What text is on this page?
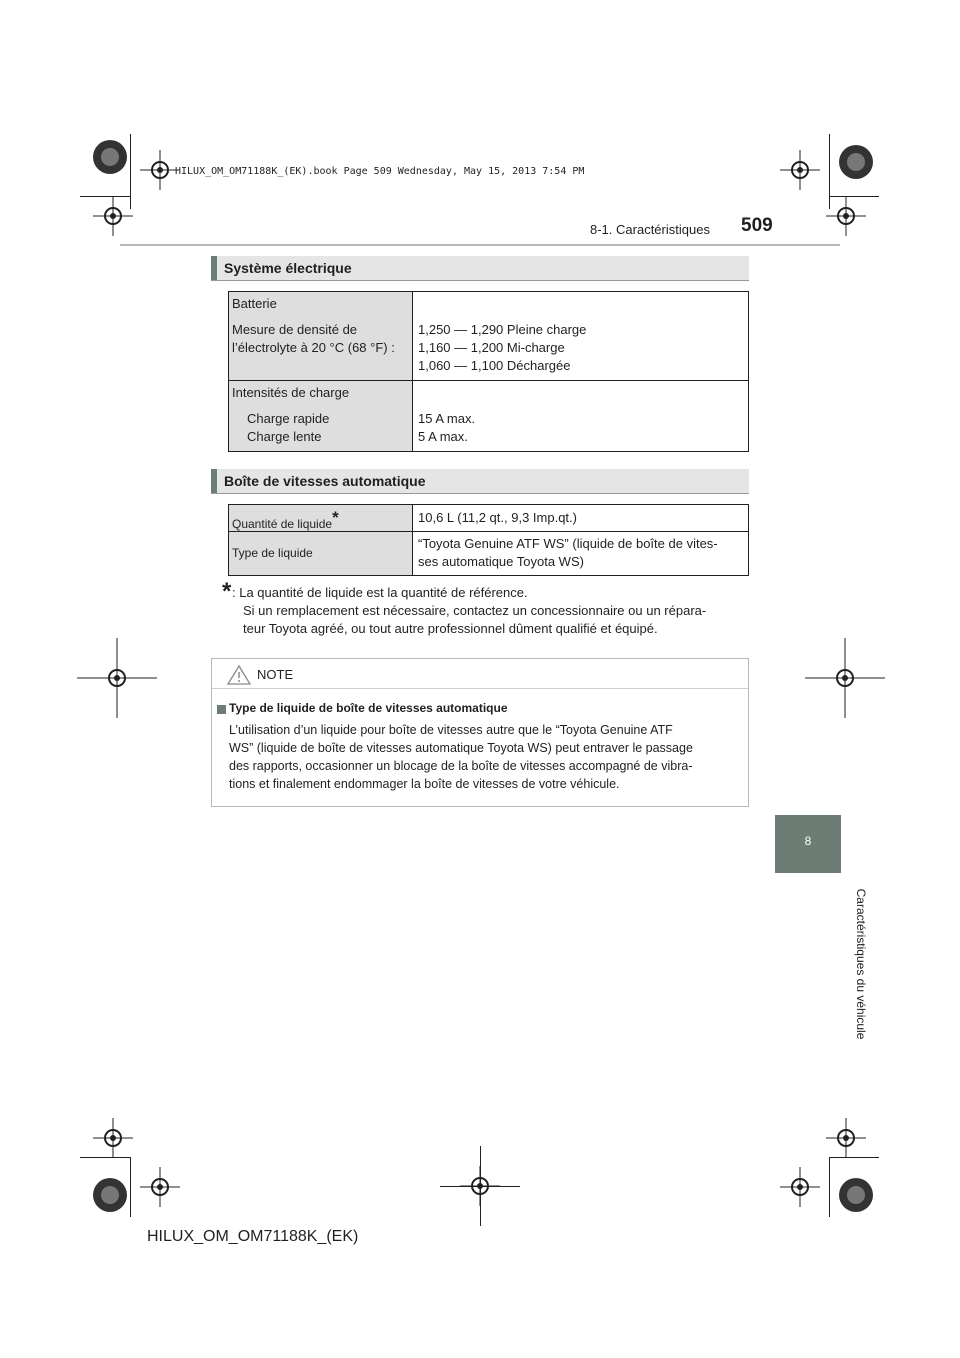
HILUX_OM_OM71188K_(EK).book Page 509 Wednesday, May 15, 2013 7:54 PM
8-1. Caractéristiques 509
8
Caractéristiques du véhicule
Système électrique
Batterie
Mesure de densité de
l’électrolyte à 20 °C (68 °F) :
1,250 — 1,290 Pleine charge
1,160 — 1,200 Mi-charge
1,060 — 1,100 Déchargée
Intensités de charge
Charge rapide
Charge lente
15 A max.
5 A max.
Boîte de vitesses automatique
Quantité de liquide*	10,6 L (11,2 qt., 9,3 Imp.qt.)
Type de liquide
“Toyota Genuine ATF WS” (liquide de boîte de vites-
ses automatique Toyota WS)
* : La quantité de liquide est la quantité de référence.
Si un remplacement est nécessaire, contactez un concessionnaire ou un répara-
teur Toyota agréé, ou tout autre professionnel dûment qualifié et équipé.
NOTE
Type de liquide de boîte de vitesses automatique
L’utilisation d’un liquide pour boîte de vitesses autre que le “Toyota Genuine ATF
WS” (liquide de boîte de vitesses automatique Toyota WS) peut entraver le passage
des rapports, occasionner un blocage de la boîte de vitesses accompagné de vibra-
tions et finalement endommager la boîte de vitesses de votre véhicule.
HILUX_OM_OM71188K_(EK)
